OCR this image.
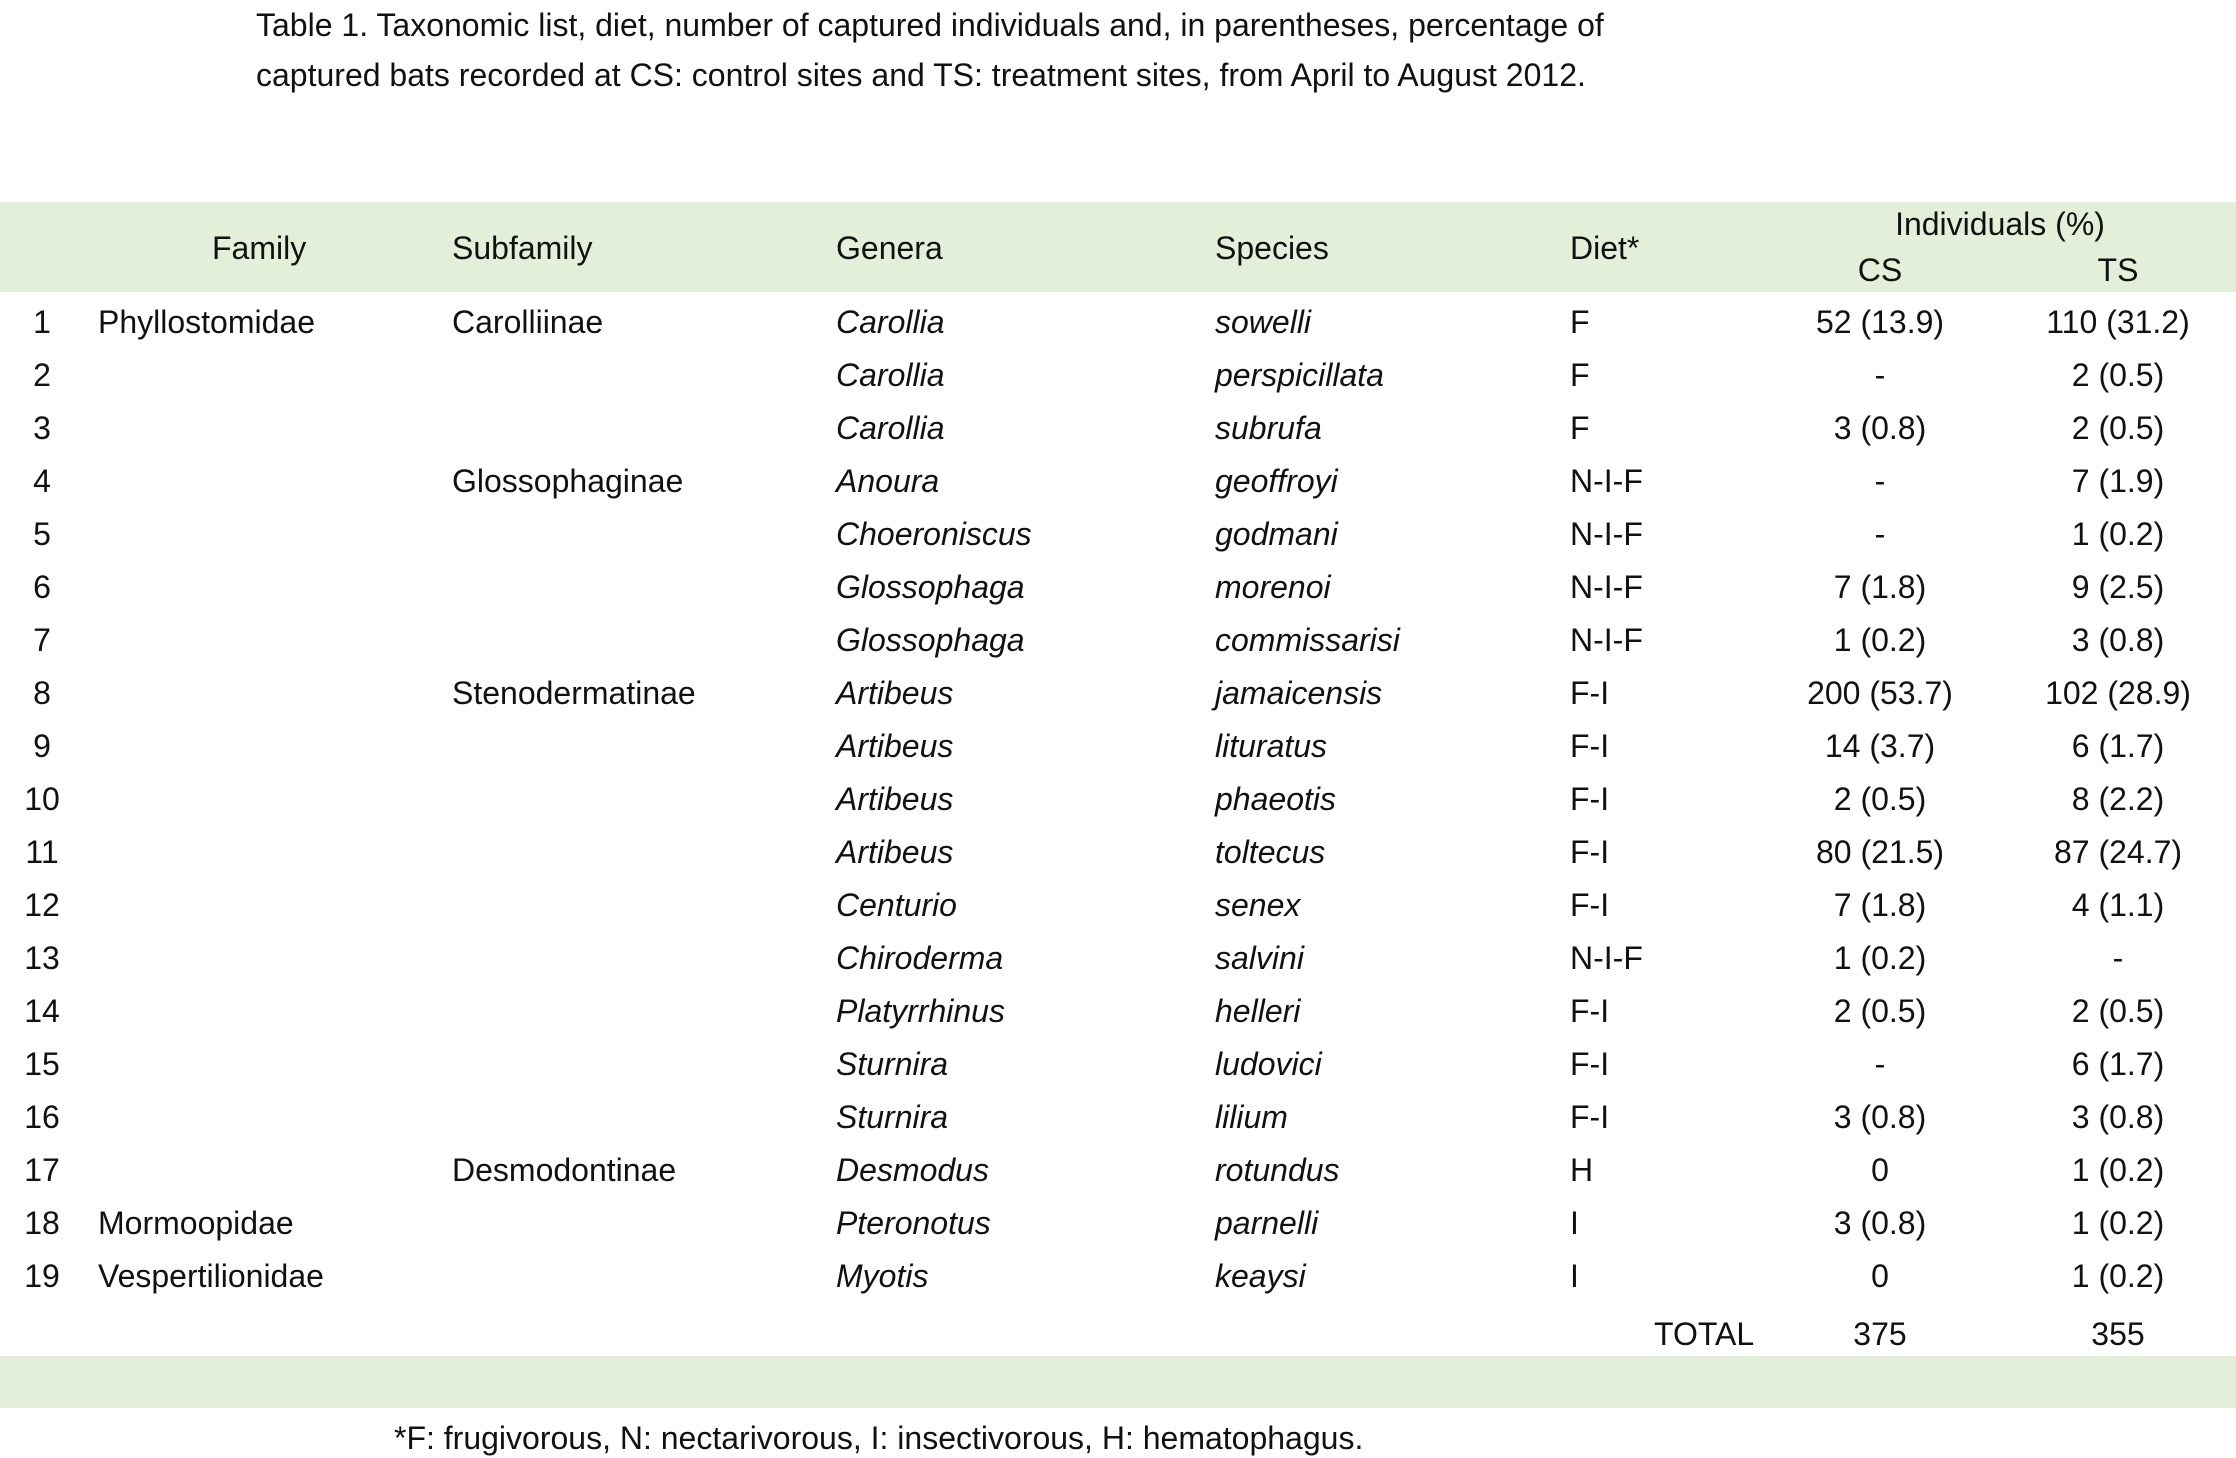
Table 1. Taxonomic list, diet, number of captured individuals and, in parentheses, percentage of
captured bats recorded at CS: control sites and TS: treatment sites, from April to August 2012.
Family	Subfamily	Genera	Species	Diet*
Individuals (%)
CS	TS
1	Phyllostomidae	Carolliinae	Carollia	sowelli	F	52 (13.9)	110 (31.2)
2	Carollia	perspicillata	F	-	2 (0.5)
3	Carollia	subrufa	F	3 (0.8)	2 (0.5)
4	Glossophaginae	Anoura	geoffroyi	N-I-F	-	7 (1.9)
5	Choeroniscus	godmani	N-I-F	-	1 (0.2)
6	Glossophaga	morenoi	N-I-F	7 (1.8)	9 (2.5)
7	Glossophaga	commissarisi	N-I-F	1 (0.2)	3 (0.8)
8	Stenodermatinae	Artibeus	jamaicensis	F-I	200 (53.7)	102 (28.9)
9	Artibeus	lituratus	F-I	14 (3.7)	6 (1.7)
10	Artibeus	phaeotis	F-I	2 (0.5)	8 (2.2)
11	Artibeus	toltecus	F-I	80 (21.5)	87 (24.7)
12	Centurio	senex	F-I	7 (1.8)	4 (1.1)
13	Chiroderma	salvini	N-I-F	1 (0.2)	-
14	Platyrrhinus	helleri	F-I	2 (0.5)	2 (0.5)
15	Sturnira	ludovici	F-I	-	6 (1.7)
16	Sturnira	lilium	F-I	3 (0.8)	3 (0.8)
17	Desmodontinae	Desmodus	rotundus	H	0	1 (0.2)
18 Mormoopidae	Pteronotus	parnelli	I	3 (0.8)	1 (0.2)
19 Vespertilionidae	Myotis	keaysi	I	0	1 (0.2)
TOTAL	375	355
*F: frugivorous, N: nectarivorous, I: insectivorous, H: hematophagus.
